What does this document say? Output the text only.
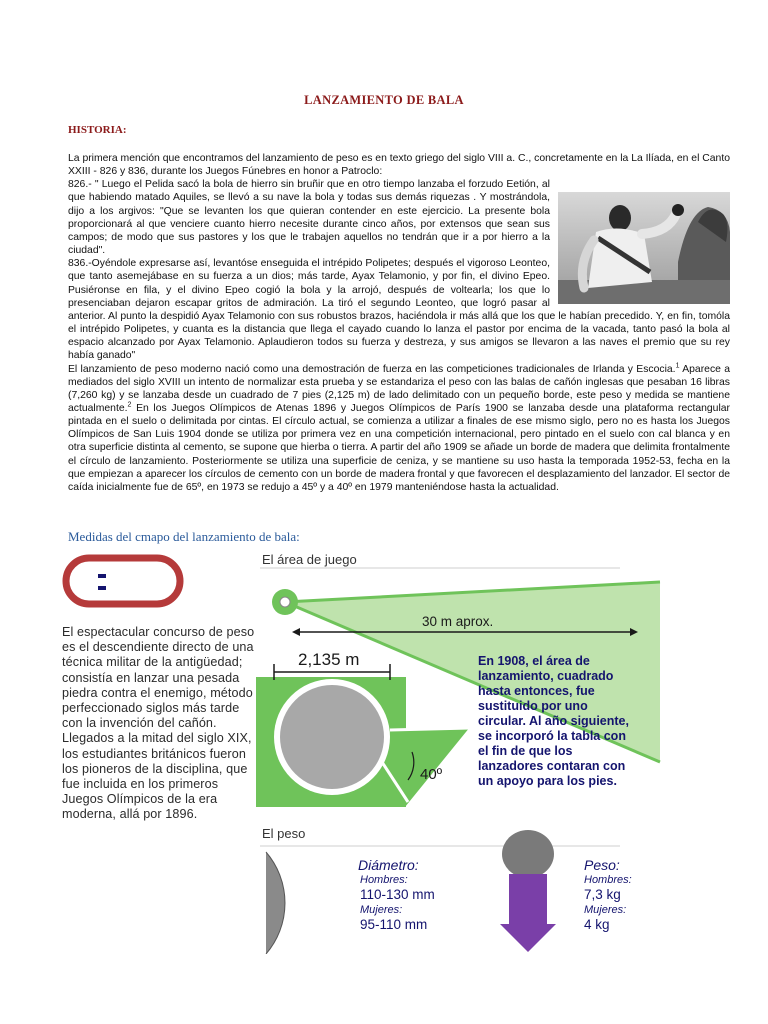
LANZAMIENTO DE BALA
HISTORIA:

La primera mención que encontramos del lanzamiento de peso es en texto griego del siglo VIII a. C., concretamente en la La Ilíada, en el Canto XXIII - 826 y 836, durante los Juegos Fúnebres en honor a Patroclo:

826.- " Luego el Pelida sacó la bola de hierro sin bruñir que en otro tiempo lanzaba el forzudo Eetión, al que habiendo matado Aquiles, se llevó a su nave la bola y todas sus demás riquezas . Y mostrándola, dijo a los argivos: "Que se levanten los que quieran contender en este ejercicio. La presente bola proporcionará al que venciere cuanto hierro necesite durante cinco años, por extensos que sean sus campos; de modo que sus pastores y los que le trabajen aquellos no tendrán que ir a por hierro a la ciudad".

836.-Oyéndole expresarse así, levantóse enseguida el intrépido Polipetes; después el vigoroso Leonteo, que tanto asemejábase en su fuerza a un dios; más tarde, Ayax Telamonio, y por fin, el divino Epeo. Pusiéronse en fila, y el divino Epeo cogió la bola y la arrojó, después de voltearla; los que lo presenciaban dejaron escapar gritos de admiración. La tiró el segundo Leonteo, que logró pasar al anterior. Al punto la despidió Ayax Telamonio con sus robustos brazos, haciéndola ir más allá que los que le habían precedido. Y, en fin, tomóla el intrépido Polipetes, y cuanta es la distancia que llega el cayado cuando lo lanza el pastor por encima de la vacada, tanto pasó la bola al espacio alcanzado por Ayax Telamonio. Aplaudieron todos su fuerza y destreza, y sus amigos se llevaron a las naves el premio que su rey había ganado"

El lanzamiento de peso moderno nació como una demostración de fuerza en las competiciones tradicionales de Irlanda y Escocia.$^1$ Aparece a mediados del siglo XVIII un intento de normalizar esta prueba y se estandariza el peso con las balas de cañón inglesas que pesaban 16 libras (7,260 kg) y se lanzaba desde un cuadrado de 7 pies (2,125 m) de lado delimitado con un pequeño borde, este peso y medida se mantiene actualmente.$^2$ En los Juegos Olímpicos de Atenas 1896 y Juegos Olímpicos de París 1900 se lanzaba desde una plataforma rectangular pintada en el suelo o delimitada por cintas. El círculo actual, se comienza a utilizar a finales de ese mismo siglo, pero no es hasta los Juegos Olímpicos de San Luis 1904 donde se utiliza por primera vez en una competición internacional, pero pintado en el suelo con cal blanca y en otra superficie distinta al cemento, se supone que hierba o tierra. A partir del año 1909 se añade un borde de madera que delimita frontalmente el círculo de lanzamiento. Posteriormente se utiliza una superficie de ceniza, y se mantiene su uso hasta la temporada 1952-53, fecha en la que empiezan a aparecer los círculos de cemento con un borde de madera frontal y que favorecen el desplazamiento del lanzador. El sector de caída inicialmente fue de 65º, en 1973 se redujo a 45º y a 40º en 1979 manteniéndose hasta la actualidad.

Medidas del cmapo del lanzamiento de bala:
El espectacular concurso de peso es el descendiente directo de una técnica militar de la antigüedad; consistía en lanzar una pesada piedra contra el enemigo, método perfeccionado siglos más tarde con la invención del cañón. Llegados a la mitad del siglo XIX, los estudiantes británicos fueron los pioneros de la disciplina, que fue incluida en los primeros Juegos Olímpicos de la era moderna, allá por 1896.
El área de juego
30 m aprox.
2,135 m
40º
En 1908, el área de lanzamiento, cuadrado hasta entonces, fue sustituido por uno circular. Al año siguiente, se incorporó la tabla con el fin de que los lanzadores contaran con un apoyo para los pies.
El peso
Diámetro:
Hombres:
110-130 mm
Mujeres:
95-110 mm
Peso:
Hombres:
7,3 kg
Mujeres:
4 kg
